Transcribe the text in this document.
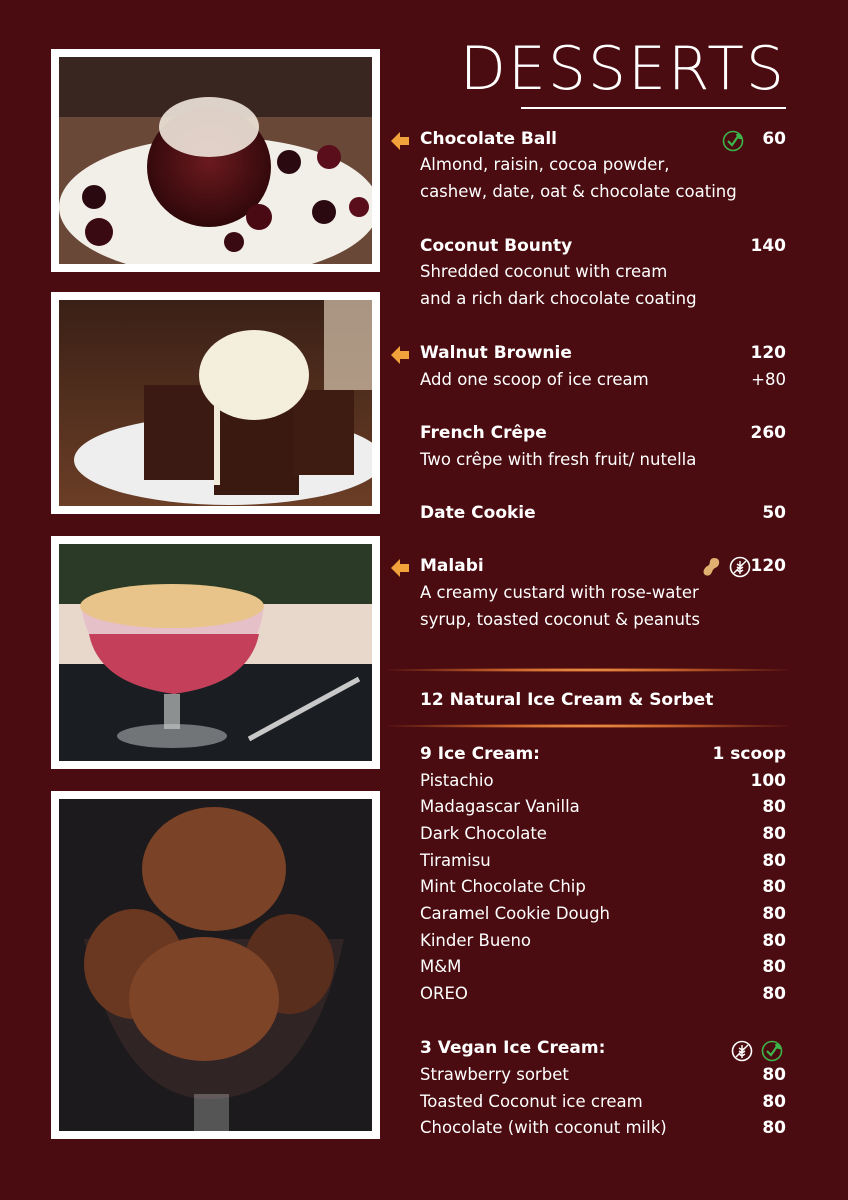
DESSERTS
Chocolate Ball	60
Almond, raisin, cocoa powder,
cashew, date, oat & chocolate coating
Coconut Bounty	140
Shredded coconut with cream
and a rich dark chocolate coating
Walnut Brownie	120
Add one scoop of ice cream	+80
French Crêpe	260
Two crêpe with fresh fruit/ nutella
Date Cookie	50
Malabi	120
A creamy custard with rose-water
syrup, toasted coconut & peanuts
12 Natural Ice Cream & Sorbet
9 Ice Cream:	1 scoop
Pistachio	100
Madagascar Vanilla	80
Dark Chocolate	80
Tiramisu	80
Mint Chocolate Chip	80
Caramel Cookie Dough	80
Kinder Bueno	80
M&M	80
OREO	80
3 Vegan Ice Cream:
Strawberry sorbet	80
Toasted Coconut ice cream	80
Chocolate (with coconut milk)	80
